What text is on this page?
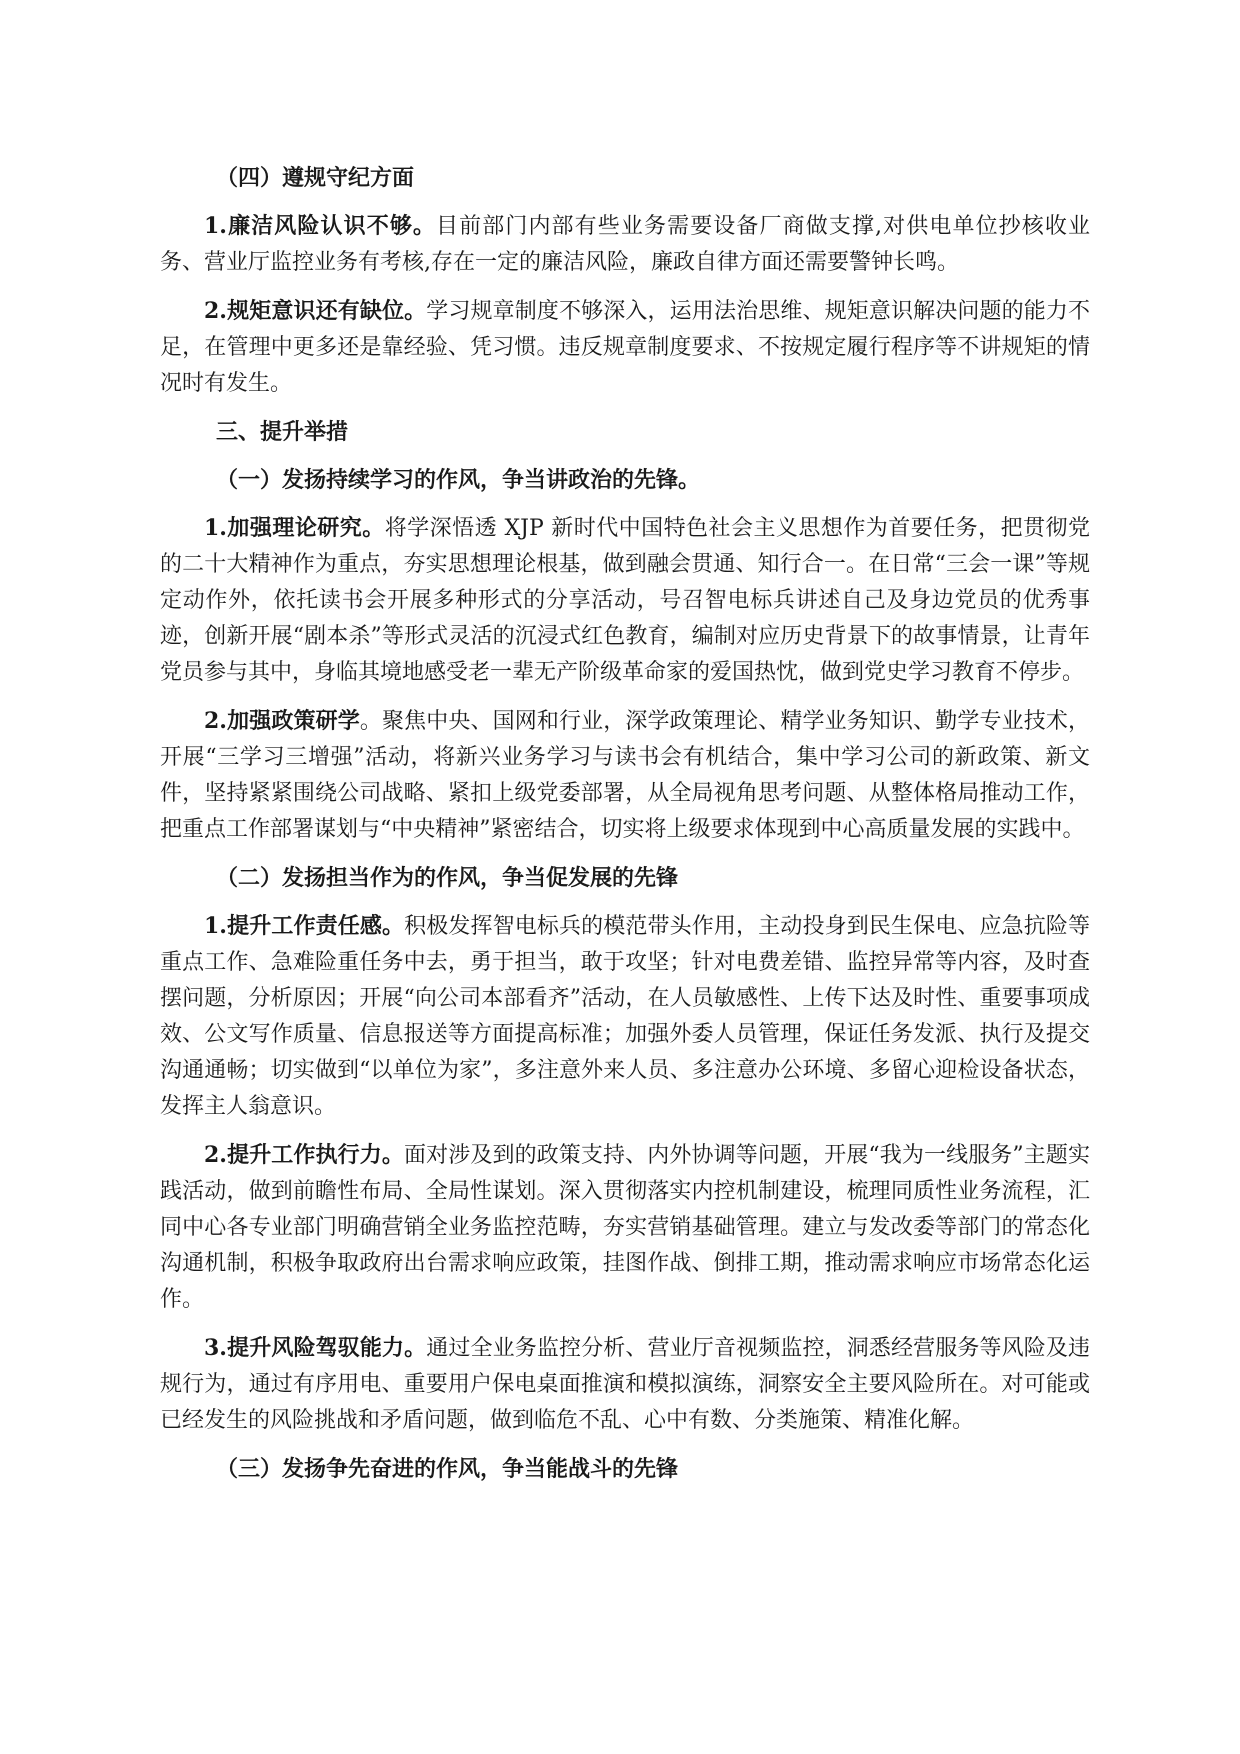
（四）遵规守纪方面
1.廉洁风险认识不够。目前部门内部有些业务需要设备厂商做支撑,对供电单位抄核收业务、营业厅监控业务有考核,存在一定的廉洁风险，廉政自律方面还需要警钟长鸣。
2.规矩意识还有缺位。学习规章制度不够深入，运用法治思维、规矩意识解决问题的能力不足，在管理中更多还是靠经验、凭习惯。违反规章制度要求、不按规定履行程序等不讲规矩的情况时有发生。
三、提升举措
（一）发扬持续学习的作风，争当讲政治的先锋。
1.加强理论研究。将学深悟透 XJP 新时代中国特色社会主义思想作为首要任务，把贯彻党的二十大精神作为重点，夯实思想理论根基，做到融会贯通、知行合一。在日常“三会一课”等规定动作外，依托读书会开展多种形式的分享活动，号召智电标兵讲述自己及身边党员的优秀事迹，创新开展“剧本杀”等形式灵活的沉浸式红色教育，编制对应历史背景下的故事情景，让青年党员参与其中，身临其境地感受老一辈无产阶级革命家的爱国热忱，做到党史学习教育不停步。
2.加强政策研学。聚焦中央、国网和行业，深学政策理论、精学业务知识、勤学专业技术，开展“三学习三增强”活动，将新兴业务学习与读书会有机结合，集中学习公司的新政策、新文件，坚持紧紧围绕公司战略、紧扣上级党委部署，从全局视角思考问题、从整体格局推动工作，把重点工作部署谋划与“中央精神”紧密结合，切实将上级要求体现到中心高质量发展的实践中。
（二）发扬担当作为的作风，争当促发展的先锋
1.提升工作责任感。积极发挥智电标兵的模范带头作用，主动投身到民生保电、应急抗险等重点工作、急难险重任务中去，勇于担当，敢于攻坚；针对电费差错、监控异常等内容，及时查摆问题，分析原因；开展“向公司本部看齐”活动，在人员敏感性、上传下达及时性、重要事项成效、公文写作质量、信息报送等方面提高标准；加强外委人员管理，保证任务发派、执行及提交沟通通畅；切实做到“以单位为家”，多注意外来人员、多注意办公环境、多留心迎检设备状态，发挥主人翁意识。
2.提升工作执行力。面对涉及到的政策支持、内外协调等问题，开展“我为一线服务”主题实践活动，做到前瞻性布局、全局性谋划。深入贯彻落实内控机制建设，梳理同质性业务流程，汇同中心各专业部门明确营销全业务监控范畴，夯实营销基础管理。建立与发改委等部门的常态化沟通机制，积极争取政府出台需求响应政策，挂图作战、倒排工期，推动需求响应市场常态化运作。
3.提升风险驾驭能力。通过全业务监控分析、营业厅音视频监控，洞悉经营服务等风险及违规行为，通过有序用电、重要用户保电桌面推演和模拟演练，洞察安全主要风险所在。对可能或已经发生的风险挑战和矛盾问题，做到临危不乱、心中有数、分类施策、精准化解。
（三）发扬争先奋进的作风，争当能战斗的先锋
